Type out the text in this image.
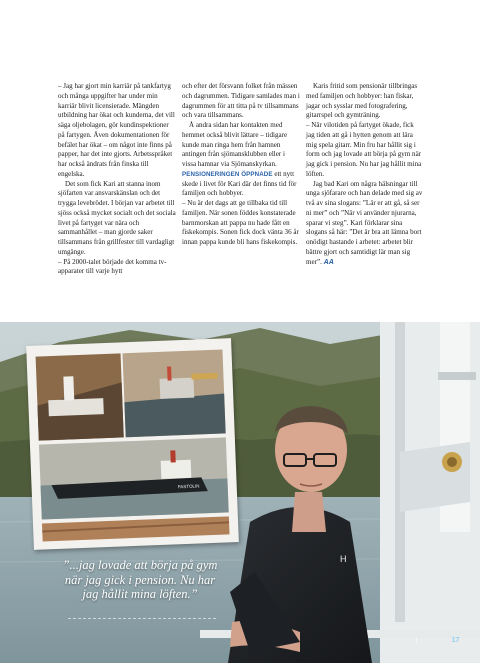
– Jag har gjort min karriär på tankfartyg och många uppgifter har under min karriär blivit licensierade. Mängden utbildning har ökat och kunderna, det vill säga oljebolagen, gör kundinspektioner på fartygen. Även dokumentationen för befälet har ökat – om något inte finns på papper, har det inte gjorts. Arbetsspråket har också ändrats från finska till engelska.

Det som fick Kari att stanna inom sjöfarten var ansvarskänslan och det trygga levebrödet. I början var arbetet till sjöss också mycket socialt och det sociala livet på fartyget var nära och sammanhållet – man gjorde saker tillsammans från grillfester till vardagligt umgänge.

– På 2000-talet började det komma tv-apparater till varje hytt

och efter det försvann folket från mässen och dagrummen. Tidigare samlades man i dagrummen för att titta på tv tillsammans och vara tillsammans.

Å andra sidan har kontakten med hemmet också blivit lättare – tidigare kunde man ringa hem från hamnen antingen från sjömansklubben eller i vissa hamnar via Sjömanskyrkan.

PENSIONERINGEN ÖPPNADE ett nytt skede i livet för Kari där det finns tid för familjen och hobbyer.

– Nu är det dags att ge tillbaka tid till familjen. När sonen föddes konstaterade barnmorskan att pappa nu hade fått en fiskekompis. Sonen fick dock vänta 36 år innan pappa kunde bli hans fiskekompis.

Karis fritid som pensionär tillbringas med familjen och hobbyer: han fiskar, jagar och sysslar med fotografering, gitarrspel och gymträning.

– När vilotiden på fartyget ökade, fick jag tiden att gå i hytten genom att lära mig spela gitarr. Min fru har hållit sig i form och jag lovade att börja på gym när jag gick i pension. Nu har jag hållit mina löften.

Jag bad Kari om några hälsningar till unga sjöfarare och han delade med sig av två av sina slogans: ”Lär er att gå, så ser ni mer” och ”När vi använder njurarna, sparar vi steg”. Kari förklarar sina slogans så här: ”Det är bra att lämna bort onödigt hastande i arbetet: arbetet blir bättre gjort och samtidigt lär man sig mer”. AA

H
PASTOLIN
”...jag lovade att börja på gym när jag gick i pension. Nu har jag hållit mina löften.”
Albatrossi | Albatrossen 17
